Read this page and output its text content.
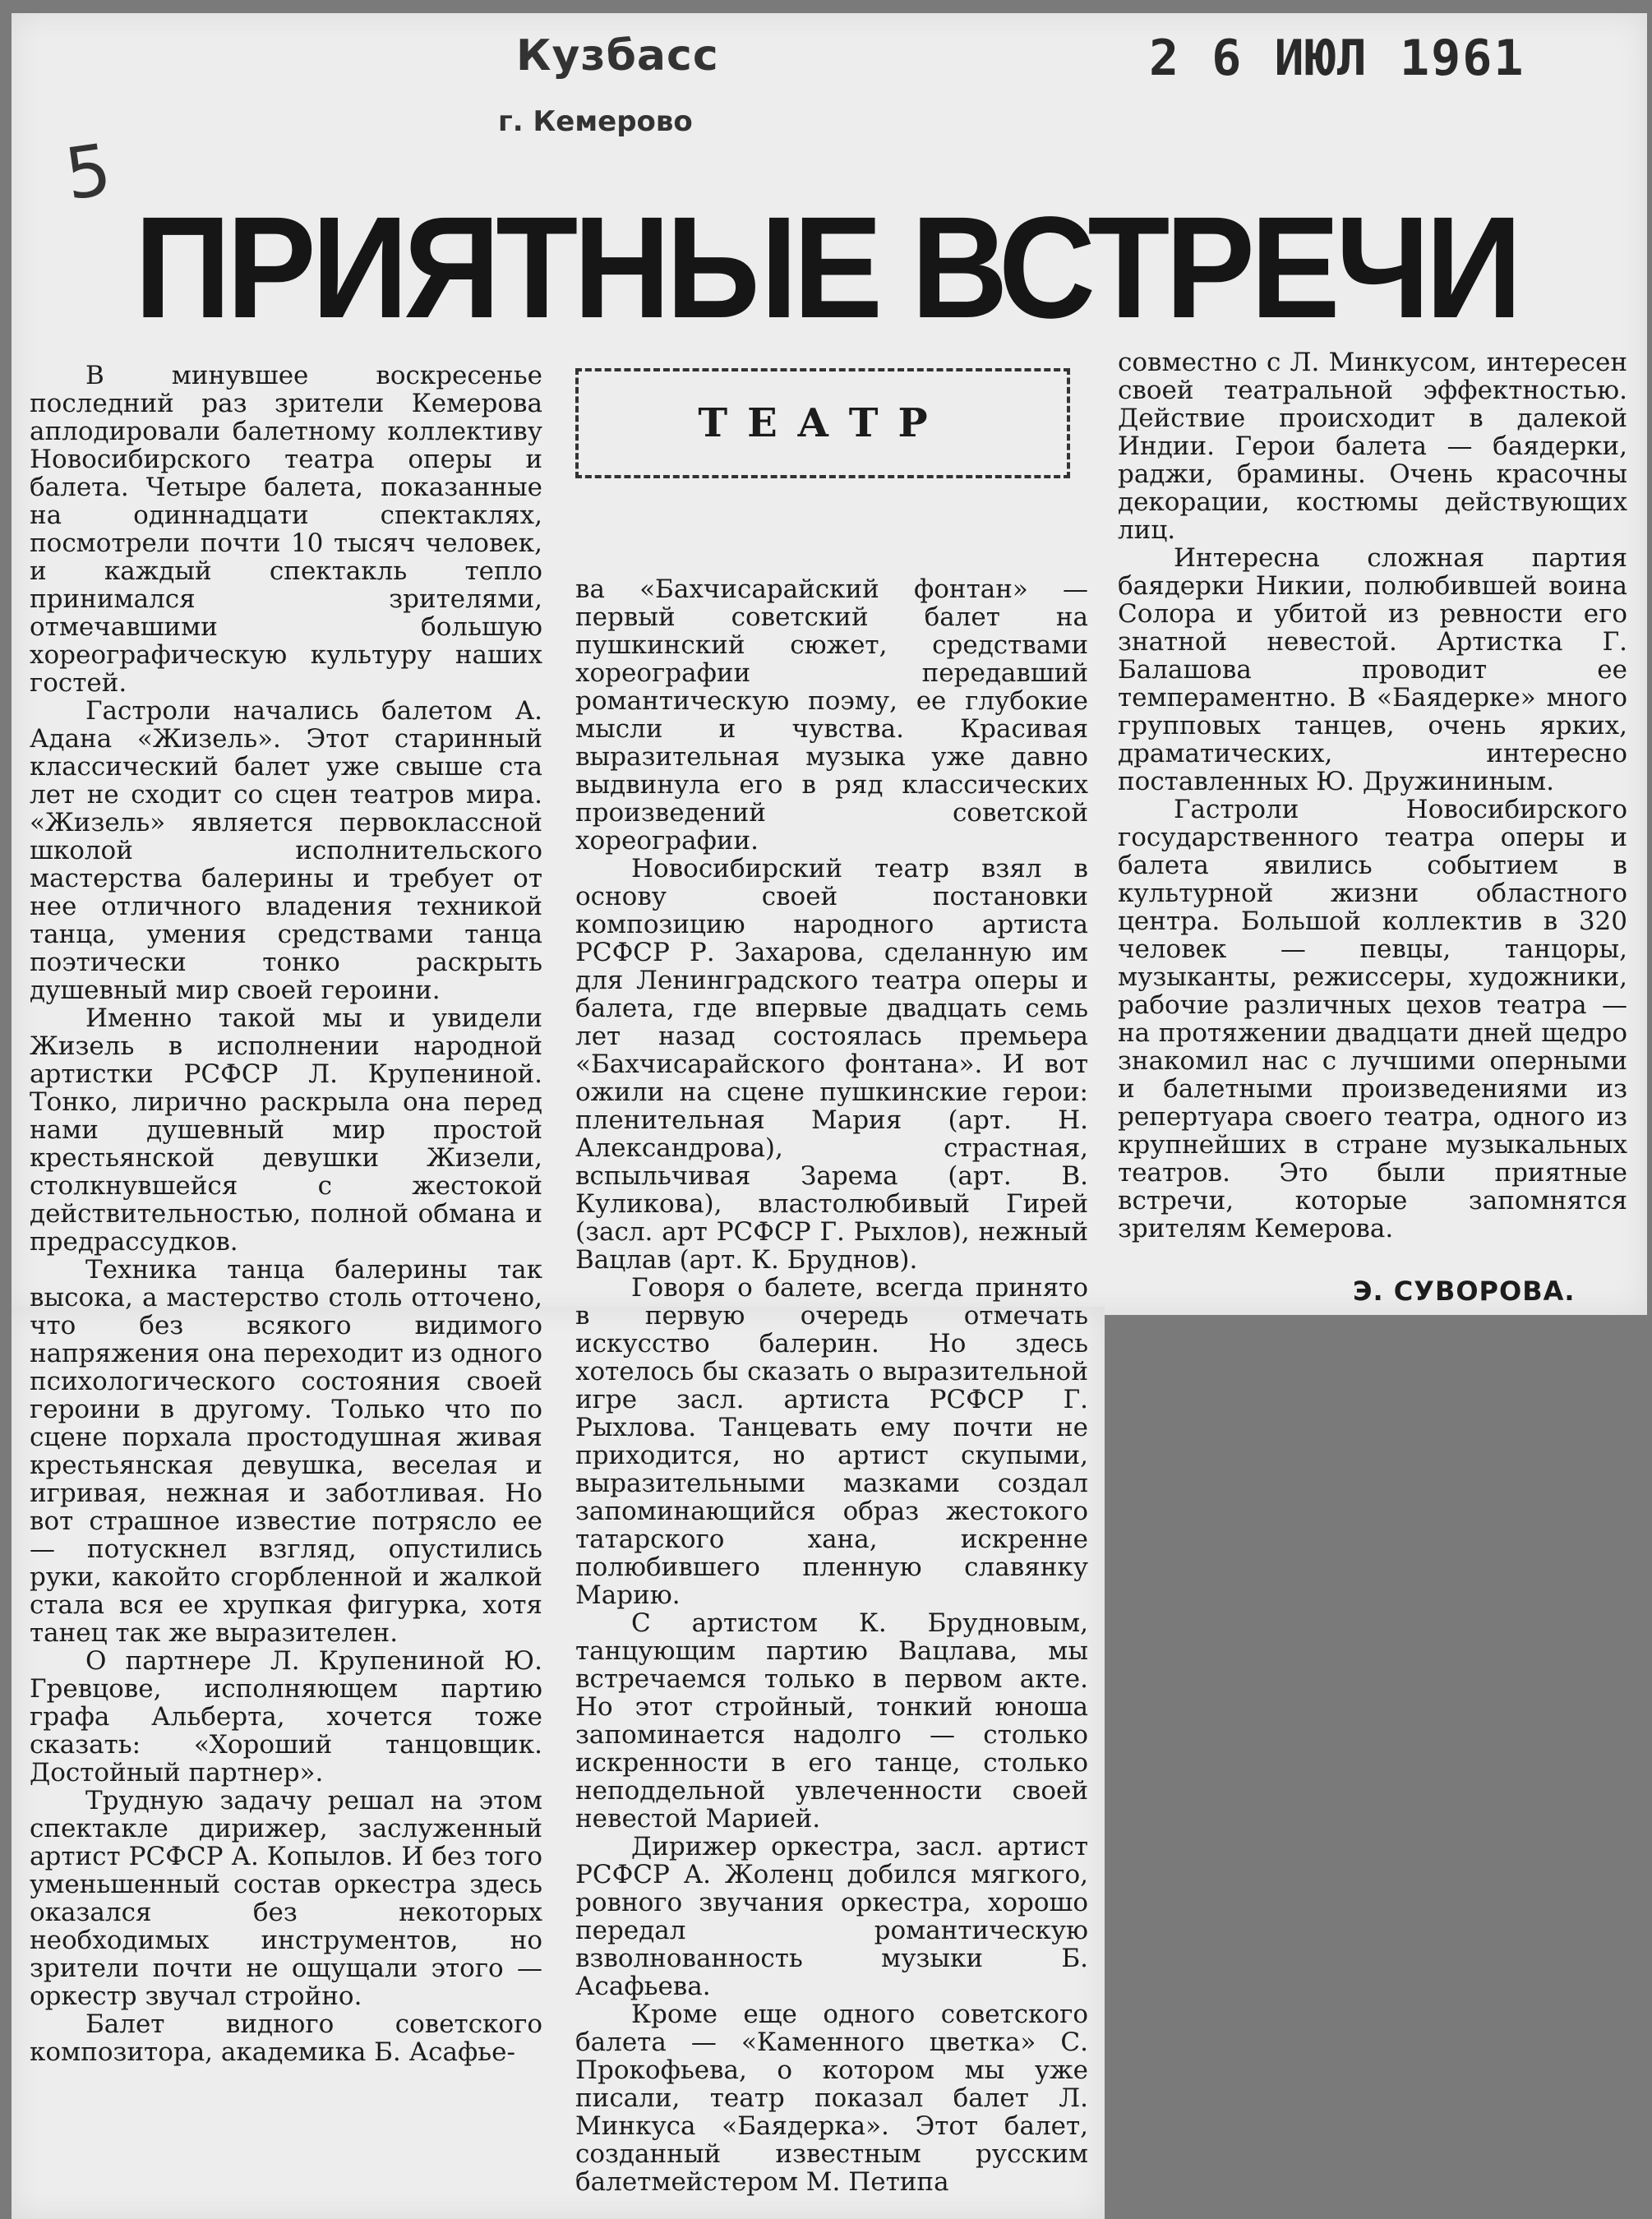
Кузбасс
г. Кемерово
2 6 ИЮЛ 1961
5
ПРИЯТНЫЕ ВСТРЕЧИ
ТЕАТР

В минувшее воскресенье последний раз зрители Кемерова аплодировали балетному коллективу Новосибирского театра оперы и балета. Четыре балета, показанные на одиннадцати спектаклях, посмотрели почти 10 тысяч человек, и каждый спектакль тепло принимался зрителями, отмечавшими большую хореографическую культуру наших гостей.

Гастроли начались балетом А. Адана «Жизель». Этот старинный классический балет уже свыше ста лет не сходит со сцен театров мира. «Жизель» является первоклассной школой исполнительского мастерства балерины и требует от нее отличного владения техникой танца, умения средствами танца поэтически тонко раскрыть душевный мир своей героини.

Именно такой мы и увидели Жизель в исполнении народной артистки РСФСР Л. Крупениной. Тонко, лирично раскрыла она перед нами душевный мир простой крестьянской девушки Жизели, столкнувшейся с жестокой действительностью, полной обмана и предрассудков.

Техника танца балерины так высока, а мастерство столь отточено, что без всякого видимого напряжения она переходит из одного психологического состояния своей героини в другому. Только что по сцене порхала простодушная живая крестьянская девушка, веселая и игривая, нежная и заботливая. Но вот страшное известие потрясло ее — потускнел взгляд, опустились руки, какойто сгорбленной и жалкой стала вся ее хрупкая фигурка, хотя танец так же выразителен.

О партнере Л. Крупениной Ю. Гревцове, исполняющем партию графа Альберта, хочется тоже сказать: «Хороший танцовщик. Достойный партнер».

Трудную задачу решал на этом спектакле дирижер, заслуженный артист РСФСР А. Копылов. И без того уменьшенный состав оркестра здесь оказался без некоторых необходимых инструментов, но зрители почти не ощущали этого — оркестр звучал стройно.

Балет видного советского композитора, академика Б. Асафье-

ва «Бахчисарайский фонтан» — первый советский балет на пушкинский сюжет, средствами хореографии передавший романтическую поэму, ее глубокие мысли и чувства. Красивая выразительная музыка уже давно выдвинула его в ряд классических произведений советской хореографии.

Новосибирский театр взял в основу своей постановки композицию народного артиста РСФСР Р. Захарова, сделанную им для Ленинградского театра оперы и балета, где впервые двадцать семь лет назад состоялась премьера «Бахчисарайского фонтана». И вот ожили на сцене пушкинские герои: пленительная Мария (арт. Н. Александрова), страстная, вспыльчивая Зарема (арт. В. Куликова), властолюбивый Гирей (засл. арт РСФСР Г. Рыхлов), нежный Вацлав (арт. К. Бруднов).

Говоря о балете, всегда принято в первую очередь отмечать искусство балерин. Но здесь хотелось бы сказать о выразительной игре засл. артиста РСФСР Г. Рыхлова. Танцевать ему почти не приходится, но артист скупыми, выразительными мазками создал запоминающийся образ жестокого татарского хана, искренне полюбившего пленную славянку Марию.

С артистом К. Брудновым, танцующим партию Вацлава, мы встречаемся только в первом акте. Но этот стройный, тонкий юноша запоминается надолго — столько искренности в его танце, столько неподдельной увлеченности своей невестой Марией.

Дирижер оркестра, засл. артист РСФСР А. Жоленц добился мягкого, ровного звучания оркестра, хорошо передал романтическую взволнованность музыки Б. Асафьева.

Кроме еще одного советского балета — «Каменного цветка» С. Прокофьева, о котором мы уже писали, театр показал балет Л. Минкуса «Баядерка». Этот балет, созданный известным русским балетмейстером М. Петипа

совместно с Л. Минкусом, интересен своей театральной эффектностью. Действие происходит в далекой Индии. Герои балета — баядерки, раджи, брамины. Очень красочны декорации, костюмы действующих лиц.

Интересна сложная партия баядерки Никии, полюбившей воина Солора и убитой из ревности его знатной невестой. Артистка Г. Балашова проводит ее темпераментно. В «Баядерке» много групповых танцев, очень ярких, драматических, интересно поставленных Ю. Дружининым.

Гастроли Новосибирского государственного театра оперы и балета явились событием в культурной жизни областного центра. Большой коллектив в 320 человек — певцы, танцоры, музыканты, режиссеры, художники, рабочие различных цехов театра — на протяжении двадцати дней щедро знакомил нас с лучшими оперными и балетными произведениями из репертуара своего театра, одного из крупнейших в стране музыкальных театров. Это были приятные встречи, которые запомнятся зрителям Кемерова.

Э. СУВОРОВА.
